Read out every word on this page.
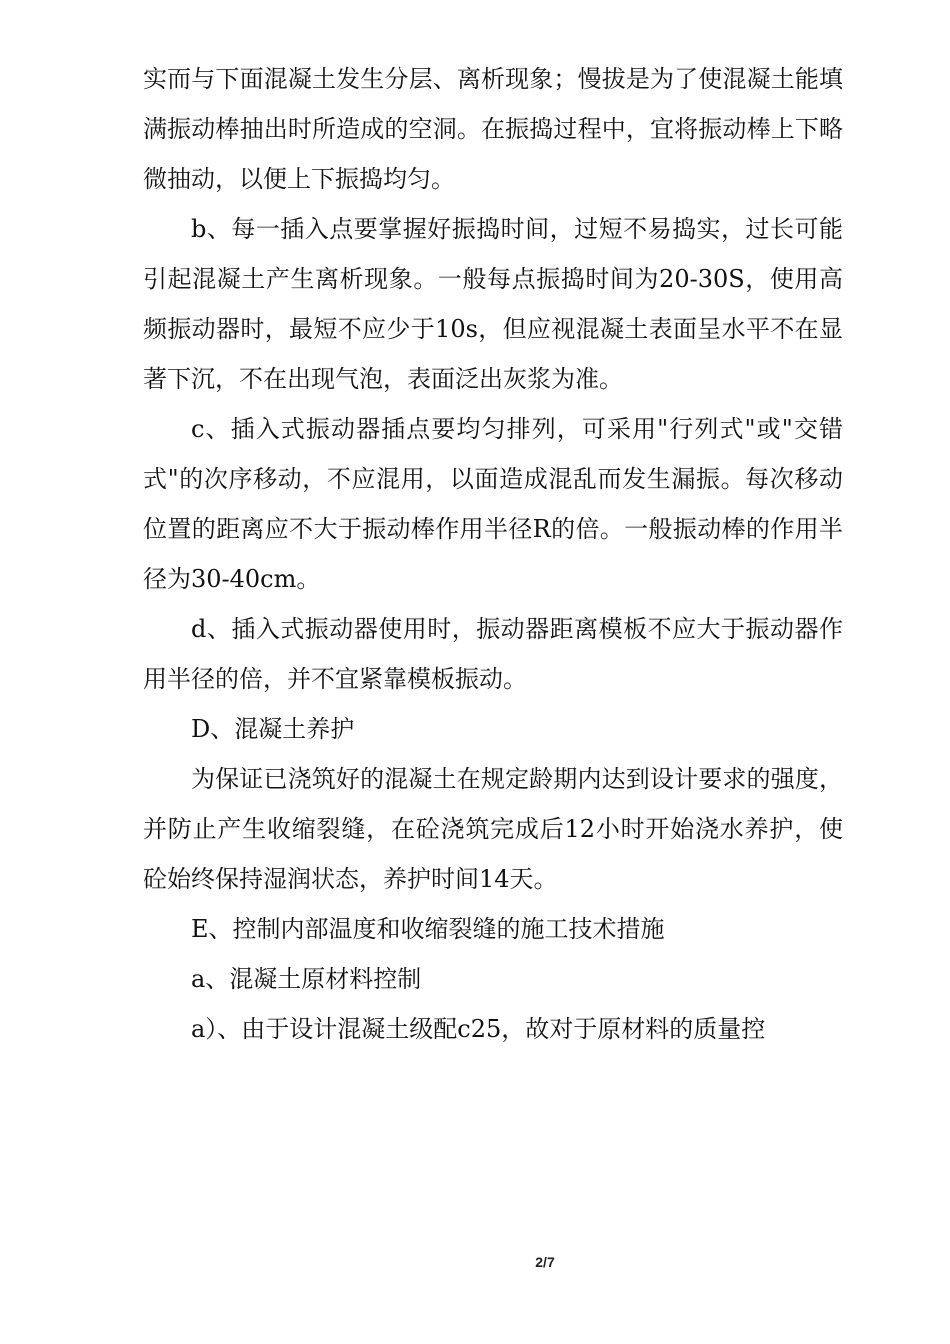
实而与下面混凝土发生分层、离析现象；慢拔是为了使混凝土能填满振动棒抽出时所造成的空洞。在振捣过程中，宜将振动棒上下略微抽动，以便上下振捣均匀。

b、每一插入点要掌握好振捣时间，过短不易捣实，过长可能引起混凝土产生离析现象。一般每点振捣时间为20-30S，使用高频振动器时，最短不应少于10s，但应视混凝土表面呈水平不在显著下沉，不在出现气泡，表面泛出灰浆为准。

c、插入式振动器插点要均匀排列，可采用"行列式"或"交错式"的次序移动，不应混用，以面造成混乱而发生漏振。每次移动位置的距离应不大于振动棒作用半径R的倍。一般振动棒的作用半径为30-40cm。

d、插入式振动器使用时，振动器距离模板不应大于振动器作用半径的倍，并不宜紧靠模板振动。

D、混凝土养护

为保证已浇筑好的混凝土在规定龄期内达到设计要求的强度，并防止产生收缩裂缝，在砼浇筑完成后12小时开始浇水养护，使砼始终保持湿润状态，养护时间14天。

E、控制内部温度和收缩裂缝的施工技术措施

a、混凝土原材料控制

a）、由于设计混凝土级配c25，故对于原材料的质量控

2/7
